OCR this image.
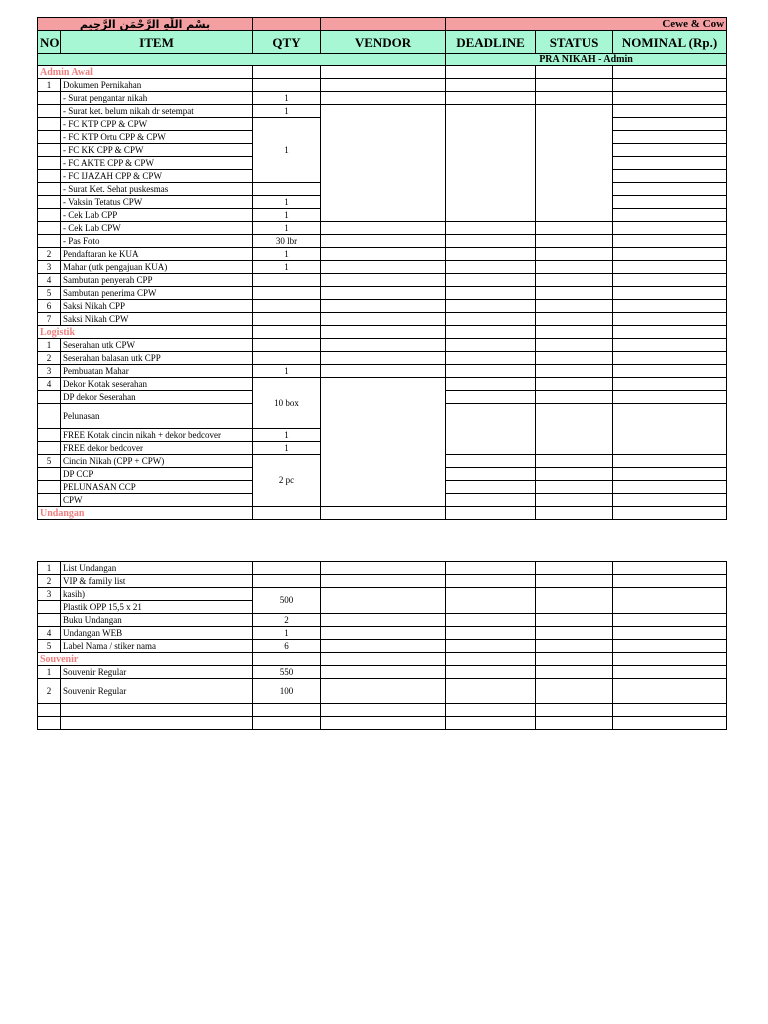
بِسْمِ اللَّهِ الرَّحْمَنِ الرَّحِيمِ				Cewe & Cow		
NO	ITEM	QTY	VENDOR	DEADLINE	STATUS	NOMINAL (Rp.)
				PRA NIKAH - Admin		
Admin Awal						
1	Dokumen Pernikahan					
	- Surat pengantar nikah	1				
	- Surat ket. belum nikah dr setempat	1				
	- FC KTP CPP & CPW	1				
	- FC KTP Ortu CPP & CPW					
	- FC KK CPP & CPW					
	- FC AKTE CPP & CPW					
	- FC IJAZAH CPP & CPW					
	- Surat Ket. Sehat puskesmas					
	- Vaksin Tetatus CPW	1				
	- Cek Lab CPP	1				
	- Cek Lab CPW	1				
	- Pas Foto	30 lbr				
2	Pendaftaran ke KUA	1				
3	Mahar (utk pengajuan KUA)	1				
4	Sambutan penyerah CPP					
5	Sambutan penerima CPW					
6	Saksi Nikah CPP					
7	Saksi Nikah CPW					
Logistik						
1	Seserahan utk CPW					
2	Seserahan balasan utk CPP					
3	Pembuatan Mahar	1				
4	Dekor Kotak seserahan	10 box				
	DP dekor Seserahan					
	Pelunasan					
	FREE Kotak cincin nikah + dekor bedcover	1				
	FREE dekor bedcover	1				
5	Cincin Nikah (CPP + CPW)	2 pc				
	DP CCP					
	PELUNASAN CCP					
	CPW					
Undangan						
1	List Undangan					
2	VIP & family list					
3	kasih)	500				
	Plastik OPP 15,5 x 21					
	Buku Undangan	2				
4	Undangan WEB	1				
5	Label Nama / stiker nama	6				
Souvenir						
1	Souvenir Regular	550				
2	Souvenir Regular	100				
